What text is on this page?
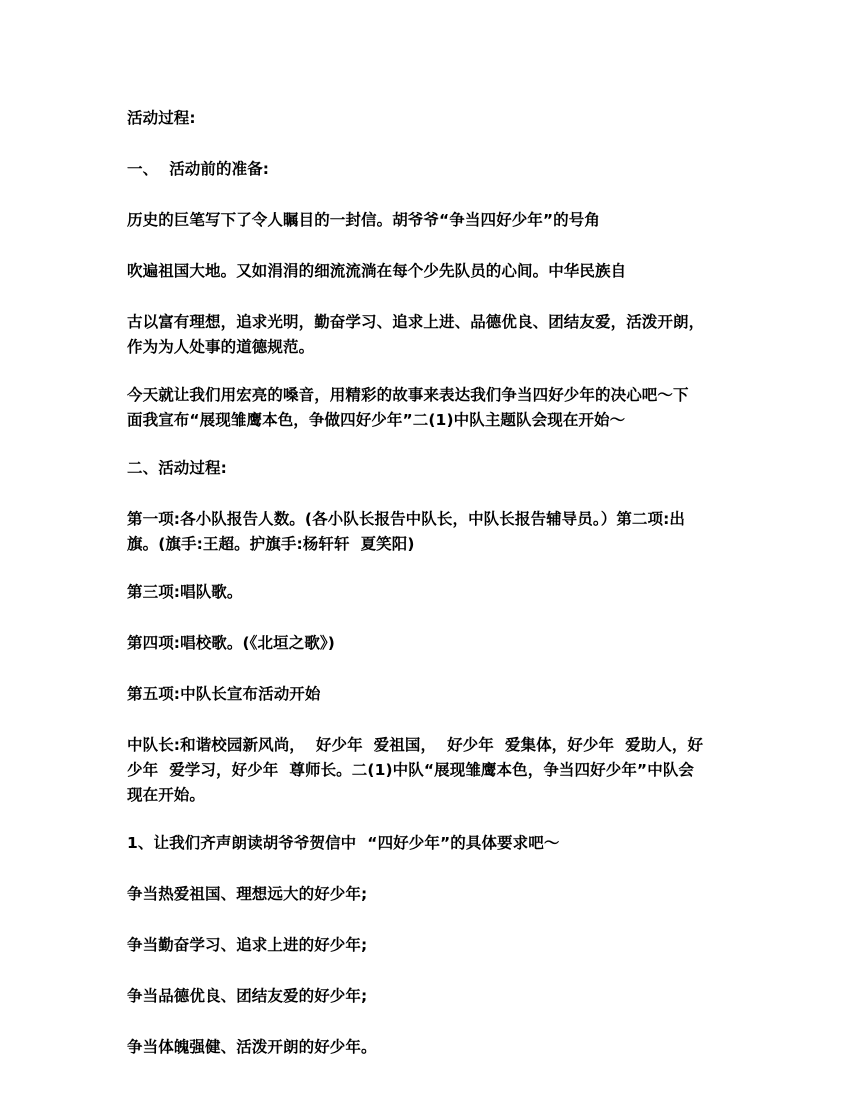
活动过程:

一、  活动前的准备:

历史的巨笔写下了令人瞩目的一封信。胡爷爷“争当四好少年”的号角

吹遍祖国大地。又如涓涓的细流流淌在每个少先队员的心间。中华民族自

古以富有理想，追求光明，勤奋学习、追求上进、品德优良、团结友爱，活泼开朗，
作为为人处事的道德规范。

今天就让我们用宏亮的嗓音，用精彩的故事来表达我们争当四好少年的决心吧～下
面我宣布“展现雏鹰本色，争做四好少年”二(1)中队主题队会现在开始～

二、活动过程:

第一项:各小队报告人数。(各小队长报告中队长，中队长报告辅导员。）第二项:出
旗。(旗手:王超。护旗手:杨轩轩  夏笑阳)

第三项:唱队歌。

第四项:唱校歌。(《北垣之歌》)

第五项:中队长宣布活动开始

中队长:和谐校园新风尚，  好少年  爱祖国，  好少年  爱集体，好少年  爱助人，好
少年  爱学习，好少年  尊师长。二(1)中队“展现雏鹰本色，争当四好少年”中队会
现在开始。

1、让我们齐声朗读胡爷爷贺信中  “四好少年”的具体要求吧～

争当热爱祖国、理想远大的好少年;

争当勤奋学习、追求上进的好少年;

争当品德优良、团结友爱的好少年;

争当体魄强健、活泼开朗的好少年。
